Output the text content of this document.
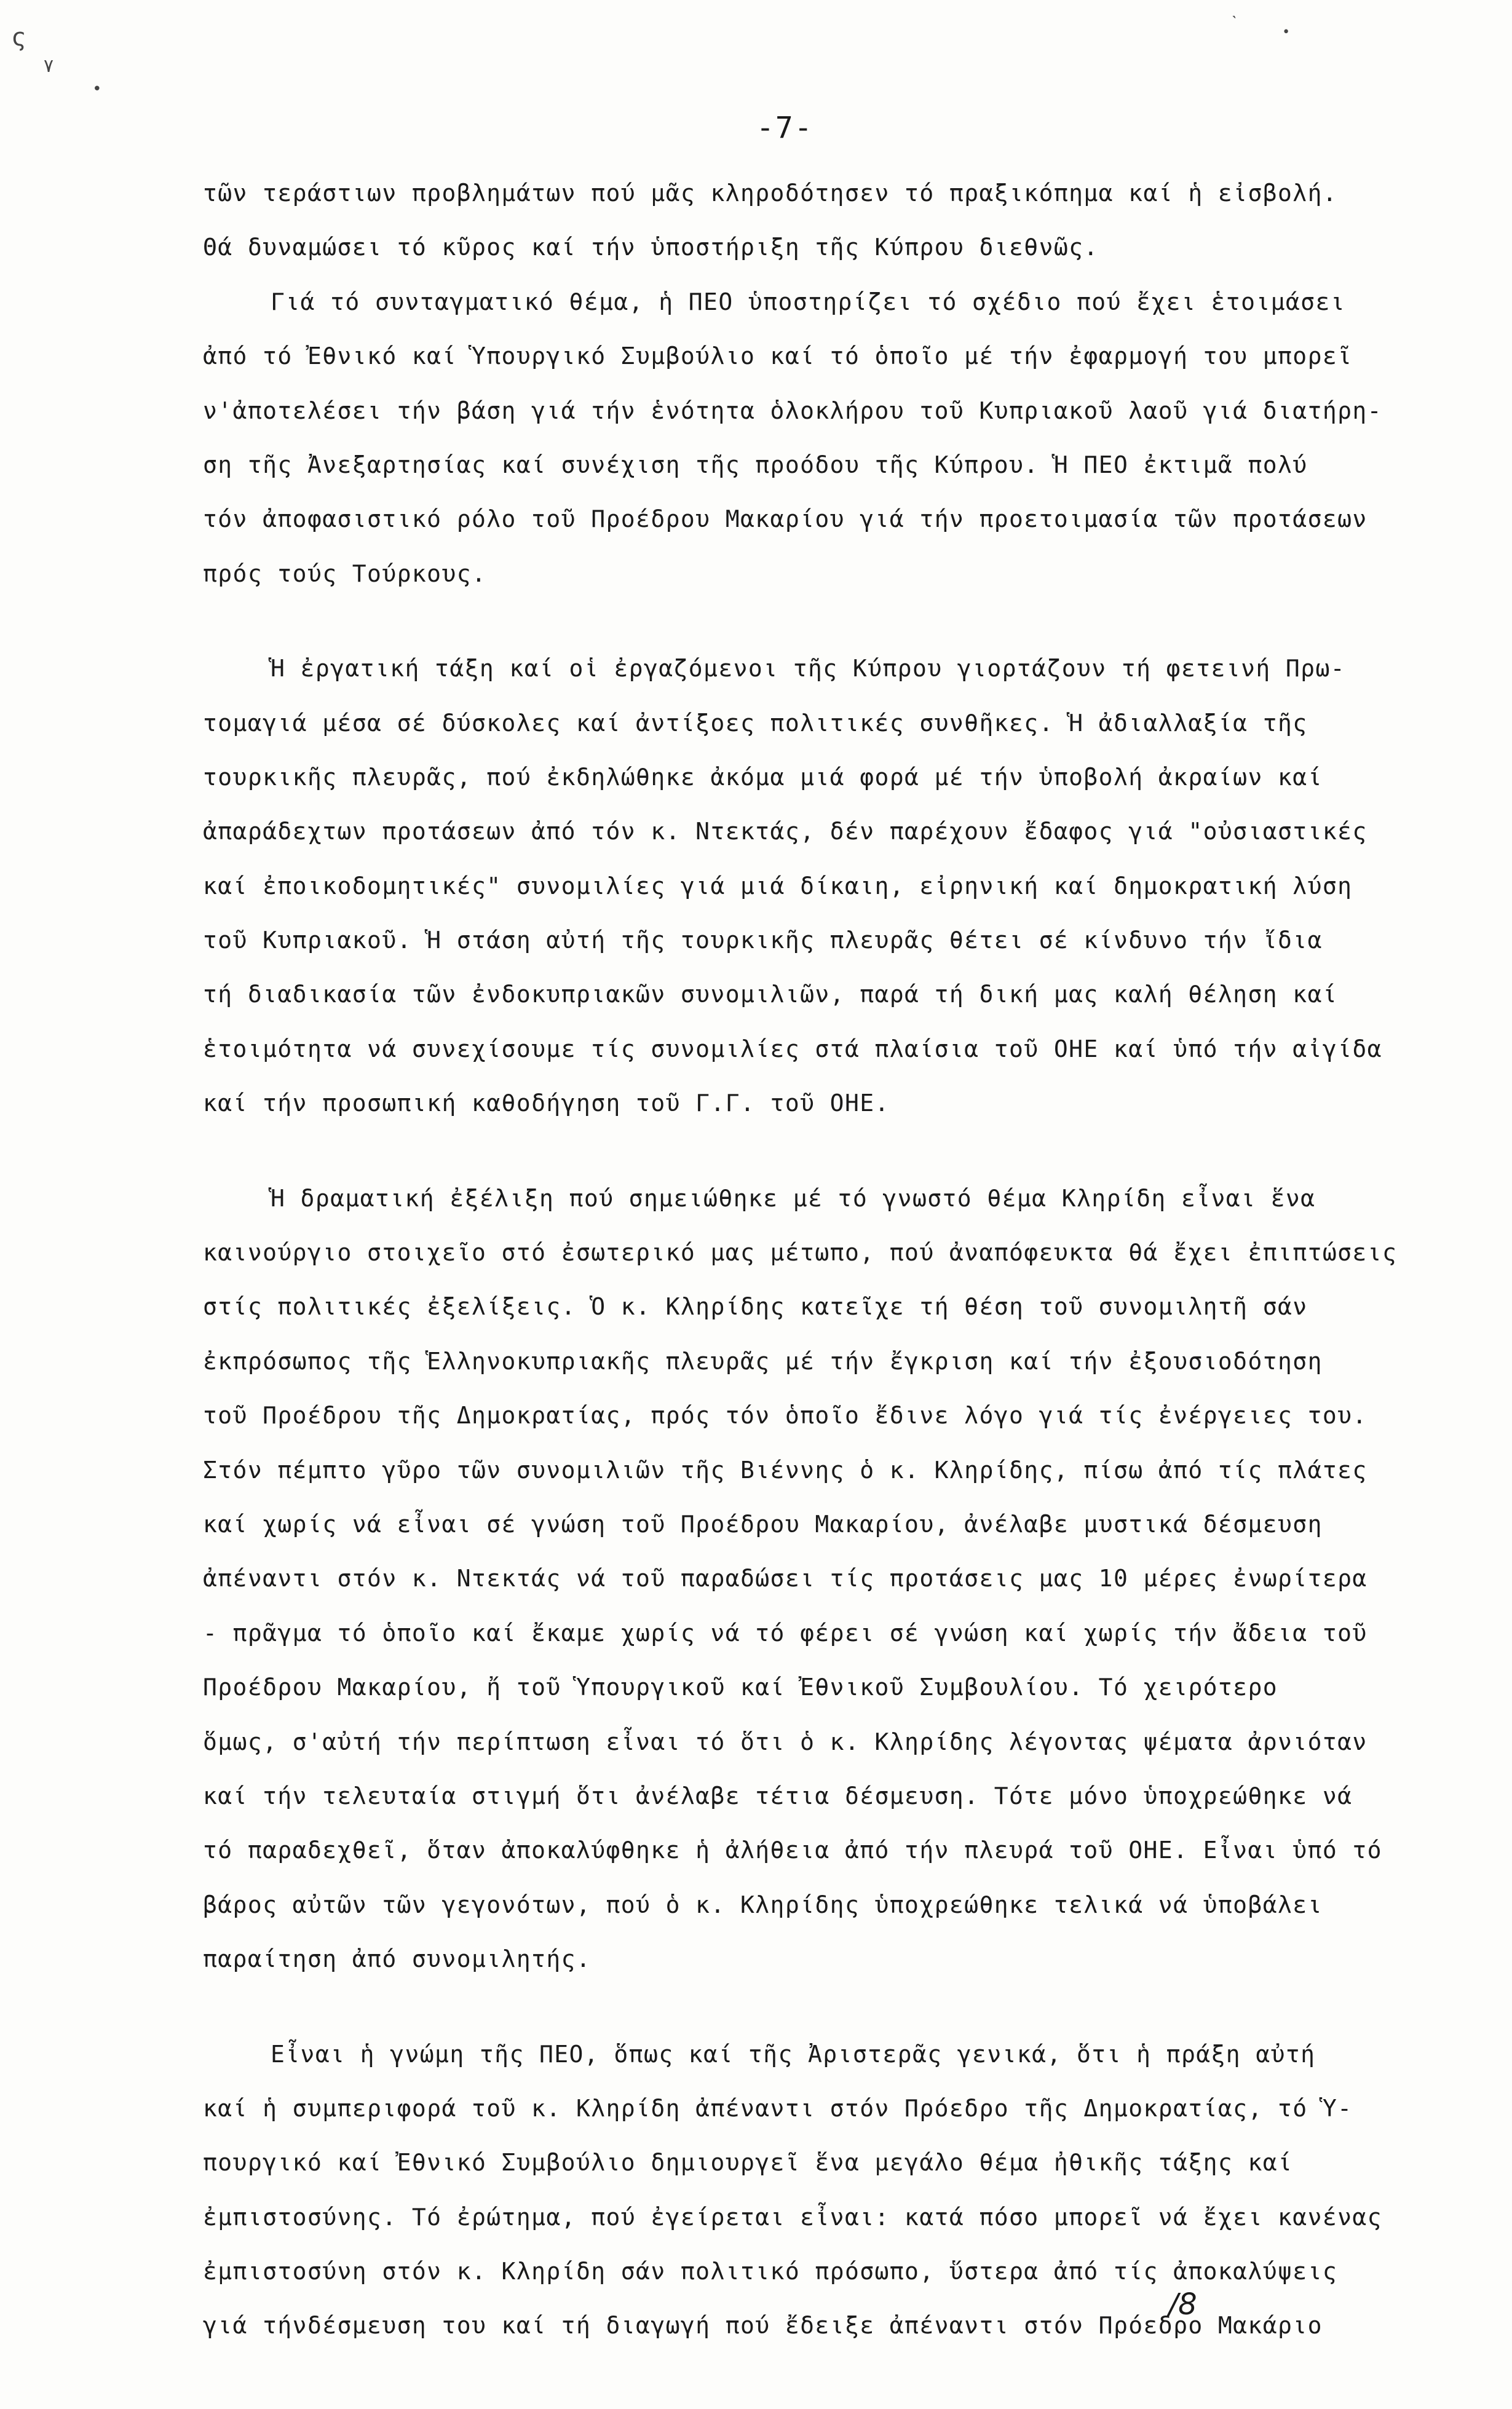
ς
٧
•
ˋ	•
-7-
τῶν τεράστιων προβλημάτων πού μᾶς κληροδότησεν τό πραξικόπημα καί ἡ εἰσβολή.
Θά δυναμώσει τό κῦρος καί τήν ὑποστήριξη τῆς Κύπρου διεθνῶς.
Γιά τό συνταγματικό θέμα, ἡ ΠΕΟ ὑποστηρίζει τό σχέδιο πού ἔχει ἑτοιμάσει
ἀπό τό Ἐθνικό καί Ὑπουργικό Συμβούλιο καί τό ὁποῖο μέ τήν ἐφαρμογή του μπορεῖ
ν'ἀποτελέσει τήν βάση γιά τήν ἑνότητα ὁλοκλήρου τοῦ Κυπριακοῦ λαοῦ γιά διατήρη-
ση τῆς Ἀνεξαρτησίας καί συνέχιση τῆς προόδου τῆς Κύπρου. Ἡ ΠΕΟ ἐκτιμᾶ πολύ
τόν ἀποφασιστικό ρόλο τοῦ Προέδρου Μακαρίου γιά τήν προετοιμασία τῶν προτάσεων
πρός τούς Τούρκους.
Ἡ ἐργατική τάξη καί οἱ ἐργαζόμενοι τῆς Κύπρου γιορτάζουν τή φετεινή Πρω-
τομαγιά μέσα σέ δύσκολες καί ἀντίξοες πολιτικές συνθῆκες. Ἡ ἀδιαλλαξία τῆς
τουρκικῆς πλευρᾶς, πού ἐκδηλώθηκε ἀκόμα μιά φορά μέ τήν ὑποβολή ἀκραίων καί
ἀπαράδεχτων προτάσεων ἀπό τόν κ. Ντεκτάς, δέν παρέχουν ἔδαφος γιά "οὐσιαστικές
καί ἐποικοδομητικές" συνομιλίες γιά μιά δίκαιη, εἰρηνική καί δημοκρατική λύση
τοῦ Κυπριακοῦ. Ἡ στάση αὐτή τῆς τουρκικῆς πλευρᾶς θέτει σέ κίνδυνο τήν ἴδια
τή διαδικασία τῶν ἐνδοκυπριακῶν συνομιλιῶν, παρά τή δική μας καλή θέληση καί
ἑτοιμότητα νά συνεχίσουμε τίς συνομιλίες στά πλαίσια τοῦ ΟΗΕ καί ὑπό τήν αἰγίδα
καί τήν προσωπική καθοδήγηση τοῦ Γ.Γ. τοῦ ΟΗΕ.
Ἡ δραματική ἐξέλιξη πού σημειώθηκε μέ τό γνωστό θέμα Κληρίδη εἶναι ἕνα
καινούργιο στοιχεῖο στό ἐσωτερικό μας μέτωπο, πού ἀναπόφευκτα θά ἔχει ἐπιπτώσεις
στίς πολιτικές ἐξελίξεις. Ὁ κ. Κληρίδης κατεῖχε τή θέση τοῦ συνομιλητῆ σάν
ἐκπρόσωπος τῆς Ἑλληνοκυπριακῆς πλευρᾶς μέ τήν ἔγκριση καί τήν ἐξουσιοδότηση
τοῦ Προέδρου τῆς Δημοκρατίας, πρός τόν ὁποῖο ἔδινε λόγο γιά τίς ἐνέργειες του.
Στόν πέμπτο γῦρο τῶν συνομιλιῶν τῆς Βιέννης ὁ κ. Κληρίδης, πίσω ἀπό τίς πλάτες
καί χωρίς νά εἶναι σέ γνώση τοῦ Προέδρου Μακαρίου, ἀνέλαβε μυστικά δέσμευση
ἀπέναντι στόν κ. Ντεκτάς νά τοῦ παραδώσει τίς προτάσεις μας 10 μέρες ἐνωρίτερα
- πρᾶγμα τό ὁποῖο καί ἔκαμε χωρίς νά τό φέρει σέ γνώση καί χωρίς τήν ἄδεια τοῦ
Προέδρου Μακαρίου, ἤ τοῦ Ὑπουργικοῦ καί Ἐθνικοῦ Συμβουλίου. Τό χειρότερο
ὅμως, σ'αὐτή τήν περίπτωση εἶναι τό ὅτι ὁ κ. Κληρίδης λέγοντας ψέματα ἀρνιόταν
καί τήν τελευταία στιγμή ὅτι ἀνέλαβε τέτια δέσμευση. Τότε μόνο ὑποχρεώθηκε νά
τό παραδεχθεῖ, ὅταν ἀποκαλύφθηκε ἡ ἀλήθεια ἀπό τήν πλευρά τοῦ ΟΗΕ. Εἶναι ὑπό τό
βάρος αὐτῶν τῶν γεγονότων, πού ὁ κ. Κληρίδης ὑποχρεώθηκε τελικά νά ὑποβάλει
παραίτηση ἀπό συνομιλητής.
Εἶναι ἡ γνώμη τῆς ΠΕΟ, ὅπως καί τῆς Ἀριστερᾶς γενικά, ὅτι ἡ πράξη αὐτή
καί ἡ συμπεριφορά τοῦ κ. Κληρίδη ἀπέναντι στόν Πρόεδρο τῆς Δημοκρατίας, τό Ὑ-
πουργικό καί Ἐθνικό Συμβούλιο δημιουργεῖ ἕνα μεγάλο θέμα ἠθικῆς τάξης καί
ἐμπιστοσύνης. Τό ἐρώτημα, πού ἐγείρεται εἶναι: κατά πόσο μπορεῖ νά ἔχει κανένας
ἐμπιστοσύνη στόν κ. Κληρίδη σάν πολιτικό πρόσωπο, ὕστερα ἀπό τίς ἀποκαλύψεις
γιά τήνδέσμευση του καί τή διαγωγή πού ἔδειξε ἀπέναντι στόν Πρόεδρο Μακάριο
/8
